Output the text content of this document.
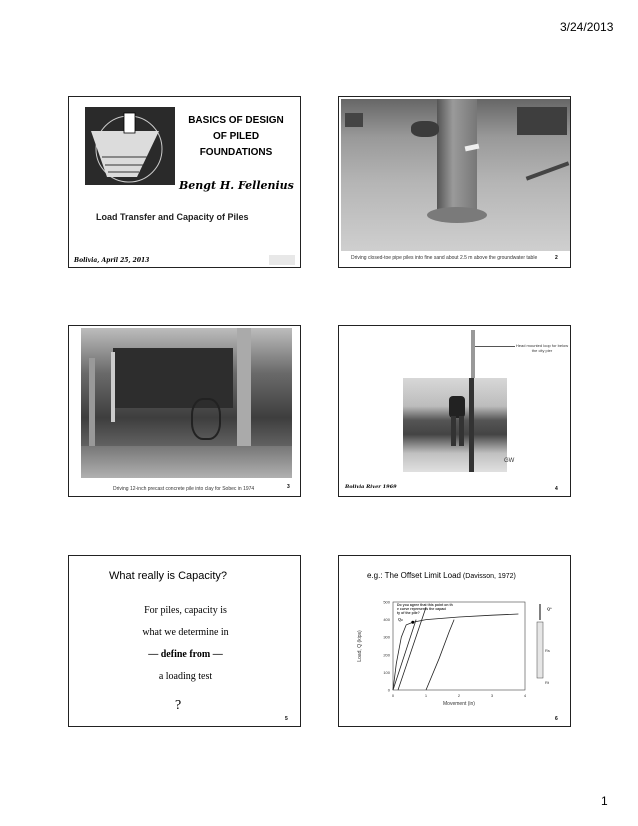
3/24/2013
BASICS OF DESIGN
OF PILED
FOUNDATIONS
Bengt H. Fellenius
Load Transfer and Capacity of Piles
Bolivia, April 25, 2013	Driving closed-toe pipe piles into fine sand about 2.5 m above the groundwater table	2
Driving 12-inch precast concrete pile into clay for Sobec in 1974	3
Head mounted loop for below the city pier
GW
Bolivia River 1969	4
What really is Capacity?
For piles, capacity is
what we determine in
— define from —
a loading test
?
5
e.g.: The Offset Limit Load (Davisson, 1972)
0	1	2	3	4
0
100
200
300
400
500
Movement (in)
Load, Q (kips)
Do you agree that this point on th
e curve represents the capaci
ty of the pile?
Qᵤ
Q*
Rs
Rt
6
1
